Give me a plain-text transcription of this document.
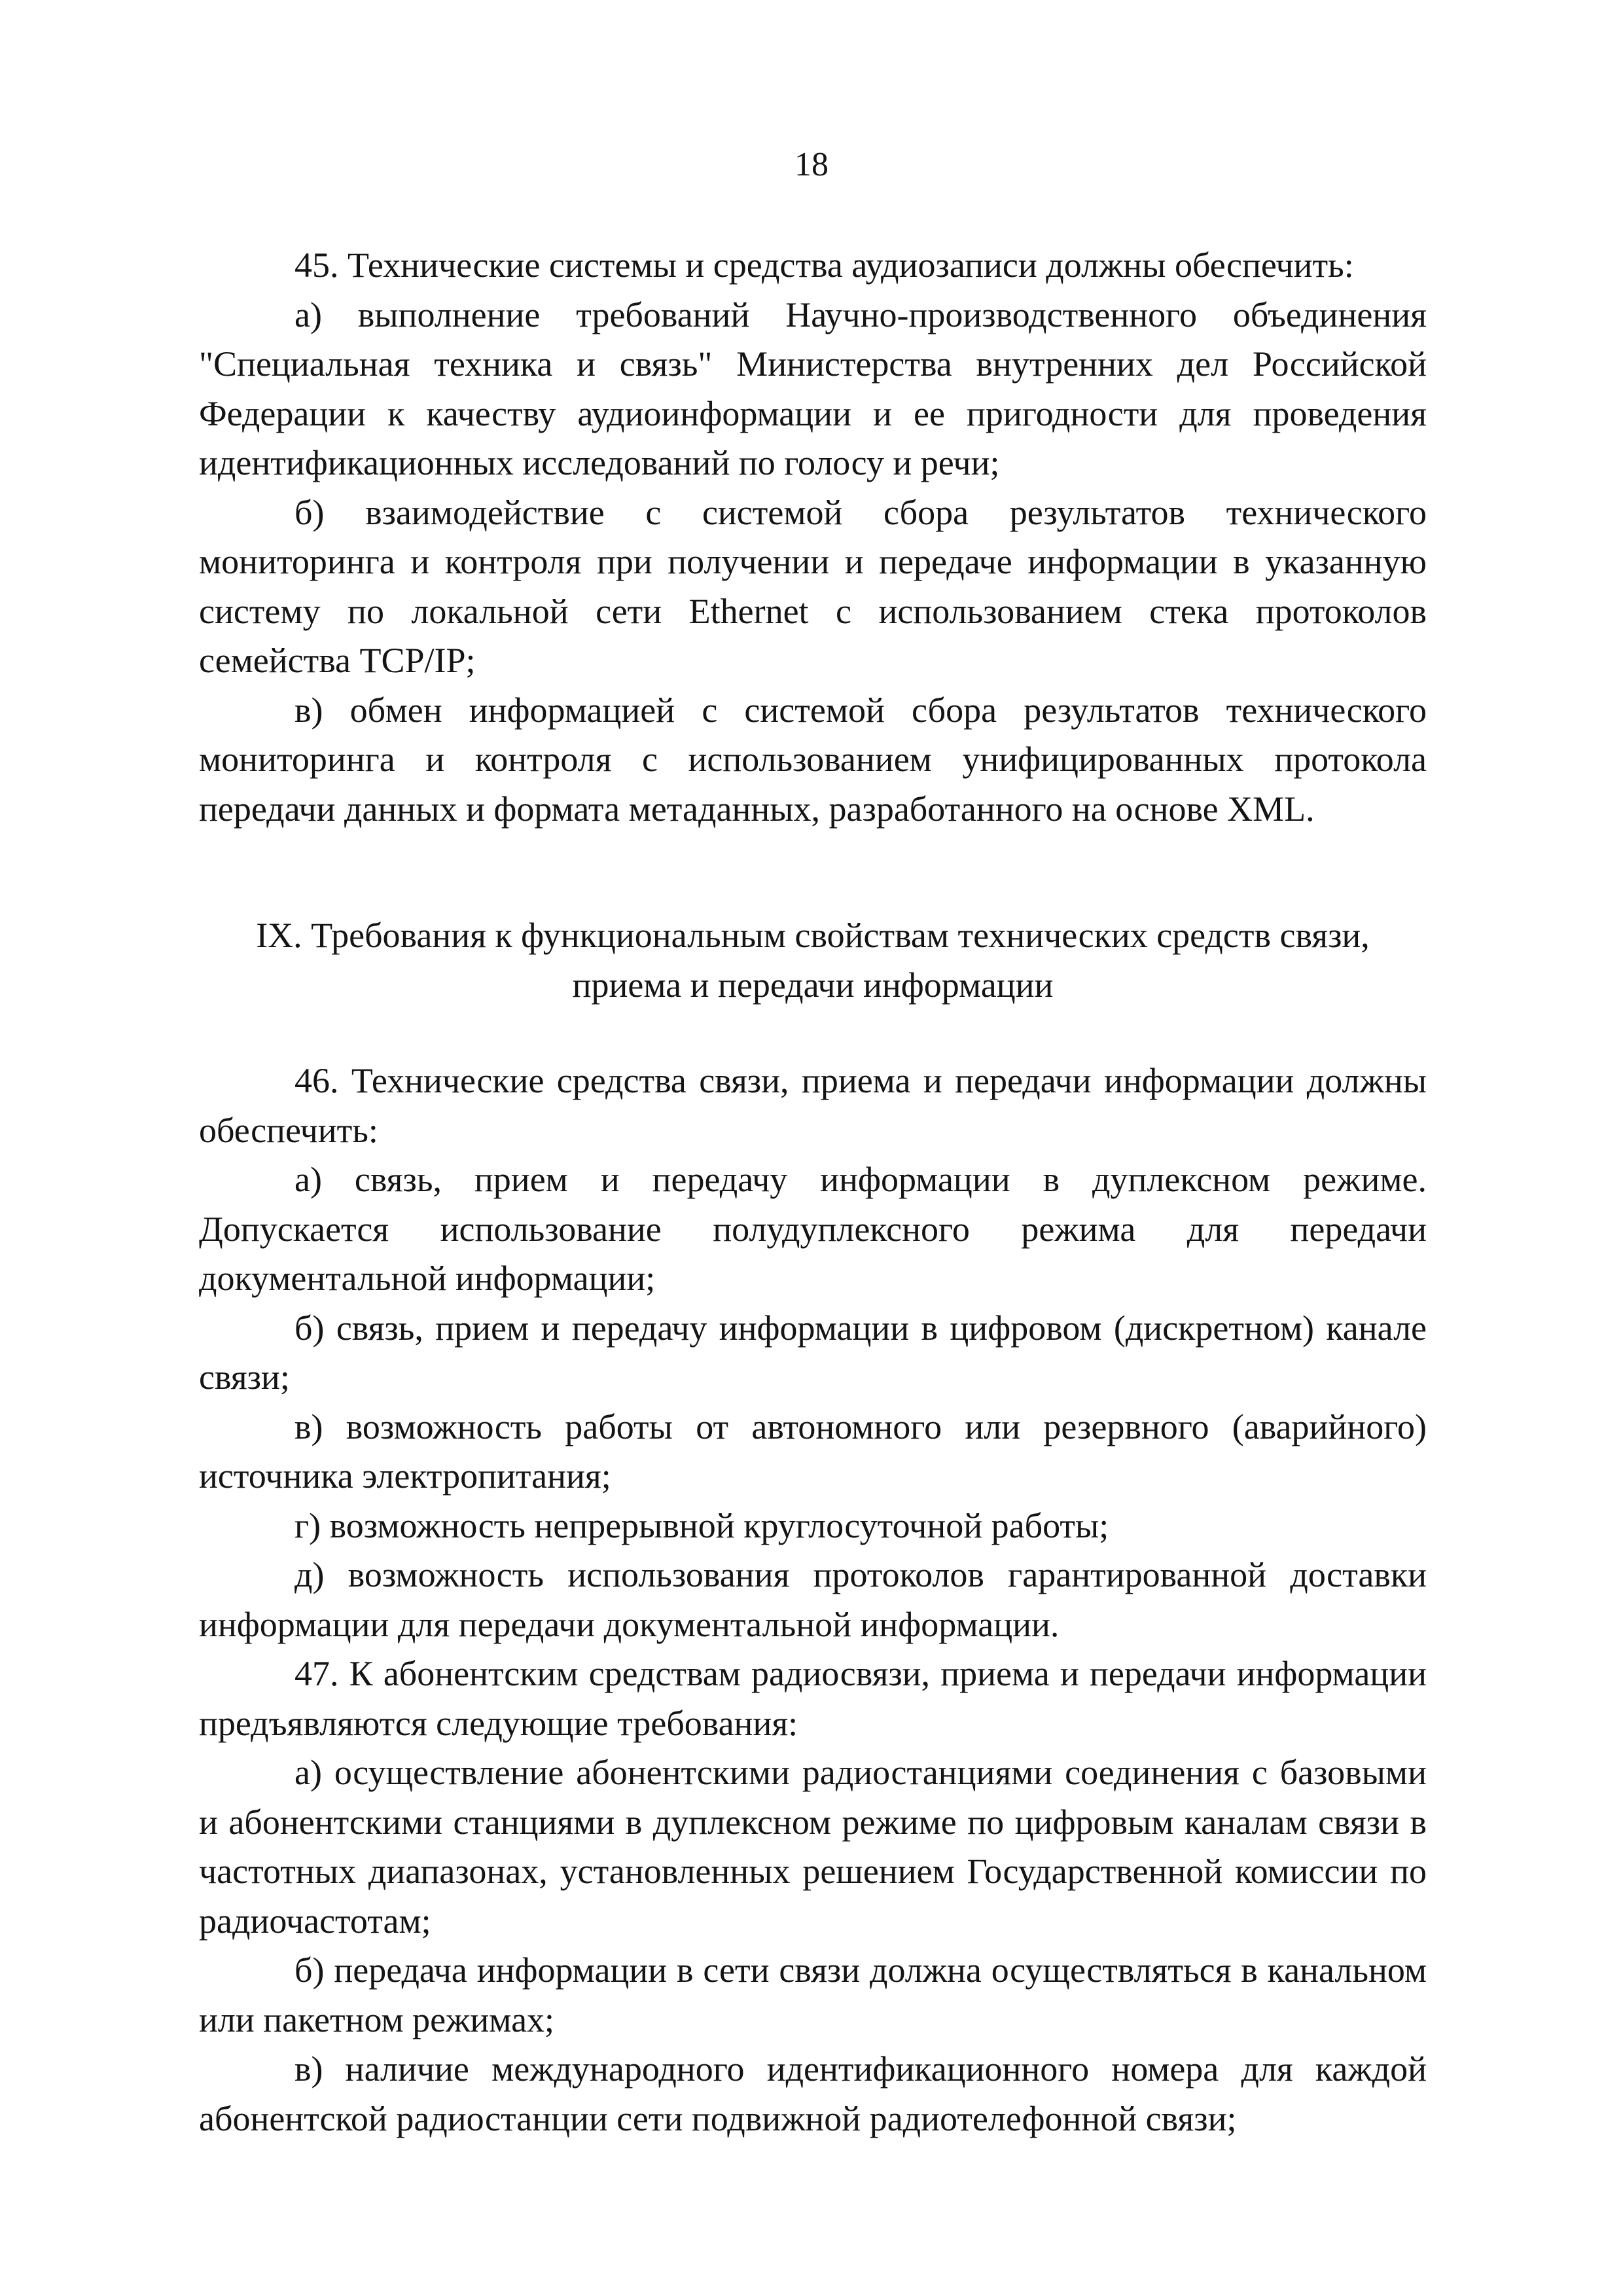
18

45. Технические системы и средства аудиозаписи должны обеспечить:

а) выполнение требований Научно-производственного объединения "Специальная техника и связь" Министерства внутренних дел Российской Федерации к качеству аудиоинформации и ее пригодности для проведения идентификационных исследований по голосу и речи;

б) взаимодействие с системой сбора результатов технического мониторинга и контроля при получении и передаче информации в указанную систему по локальной сети Ethernet с использованием стека протоколов семейства TCP/IP;

в) обмен информацией с системой сбора результатов технического мониторинга и контроля с использованием унифицированных протокола передачи данных и формата метаданных, разработанного на основе XML.

IX. Требования к функциональным свойствам технических средств связи,
приема и передачи информации

46. Технические средства связи, приема и передачи информации должны обеспечить:

а) связь, прием и передачу информации в дуплексном режиме. Допускается использование полудуплексного режима для передачи документальной информации;

б) связь, прием и передачу информации в цифровом (дискретном) канале связи;

в) возможность работы от автономного или резервного (аварийного) источника электропитания;

г) возможность непрерывной круглосуточной работы;

д) возможность использования протоколов гарантированной доставки информации для передачи документальной информации.

47. К абонентским средствам радиосвязи, приема и передачи информации предъявляются следующие требования:

а) осуществление абонентскими радиостанциями соединения с базовыми и абонентскими станциями в дуплексном режиме по цифровым каналам связи в частотных диапазонах, установленных решением Государственной комиссии по радиочастотам;

б) передача информации в сети связи должна осуществляться в канальном или пакетном режимах;

в) наличие международного идентификационного номера для каждой абонентской радиостанции сети подвижной радиотелефонной связи;
